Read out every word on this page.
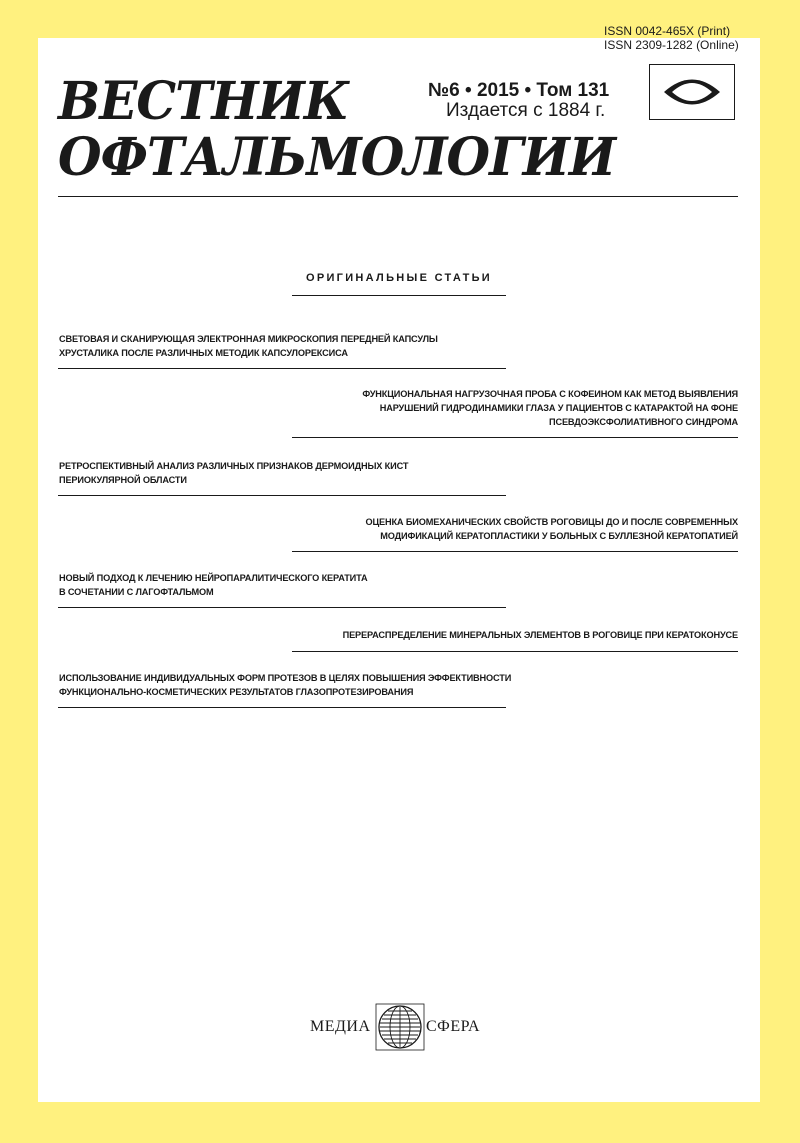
ISSN 0042-465X (Print)
ISSN 2309-1282 (Online)
ВЕСТНИК
ОФТАЛЬМОЛОГИИ
№6 • 2015 • Том 131
Издается с 1884 г.
ОРИГИНАЛЬНЫЕ СТАТЬИ
СВЕТОВАЯ И СКАНИРУЮЩАЯ ЭЛЕКТРОННАЯ МИКРОСКОПИЯ ПЕРЕДНЕЙ КАПСУЛЫ
ХРУСТАЛИКА ПОСЛЕ РАЗЛИЧНЫХ МЕТОДИК КАПСУЛОРЕКСИСА
ФУНКЦИОНАЛЬНАЯ НАГРУЗОЧНАЯ ПРОБА С КОФЕИНОМ КАК МЕТОД ВЫЯВЛЕНИЯ
НАРУШЕНИЙ ГИДРОДИНАМИКИ ГЛАЗА У ПАЦИЕНТОВ С КАТАРАКТОЙ НА ФОНЕ
ПСЕВДОЭКСФОЛИАТИВНОГО СИНДРОМА
РЕТРОСПЕКТИВНЫЙ АНАЛИЗ РАЗЛИЧНЫХ ПРИЗНАКОВ ДЕРМОИДНЫХ КИСТ
ПЕРИОКУЛЯРНОЙ ОБЛАСТИ
ОЦЕНКА БИОМЕХАНИЧЕСКИХ СВОЙСТВ РОГОВИЦЫ ДО И ПОСЛЕ СОВРЕМЕННЫХ
МОДИФИКАЦИЙ КЕРАТОПЛАСТИКИ У БОЛЬНЫХ С БУЛЛЕЗНОЙ КЕРАТОПАТИЕЙ
НОВЫЙ ПОДХОД К ЛЕЧЕНИЮ НЕЙРОПАРАЛИТИЧЕСКОГО КЕРАТИТА
В СОЧЕТАНИИ С ЛАГОФТАЛЬМОМ
ПЕРЕРАСПРЕДЕЛЕНИЕ МИНЕРАЛЬНЫХ ЭЛЕМЕНТОВ В РОГОВИЦЕ ПРИ КЕРАТОКОНУСЕ
ИСПОЛЬЗОВАНИЕ ИНДИВИДУАЛЬНЫХ ФОРМ ПРОТЕЗОВ В ЦЕЛЯХ ПОВЫШЕНИЯ ЭФФЕКТИВНОСТИ
ФУНКЦИОНАЛЬНО-КОСМЕТИЧЕСКИХ РЕЗУЛЬТАТОВ ГЛАЗОПРОТЕЗИРОВАНИЯ
МЕДИА	СФЕРА
